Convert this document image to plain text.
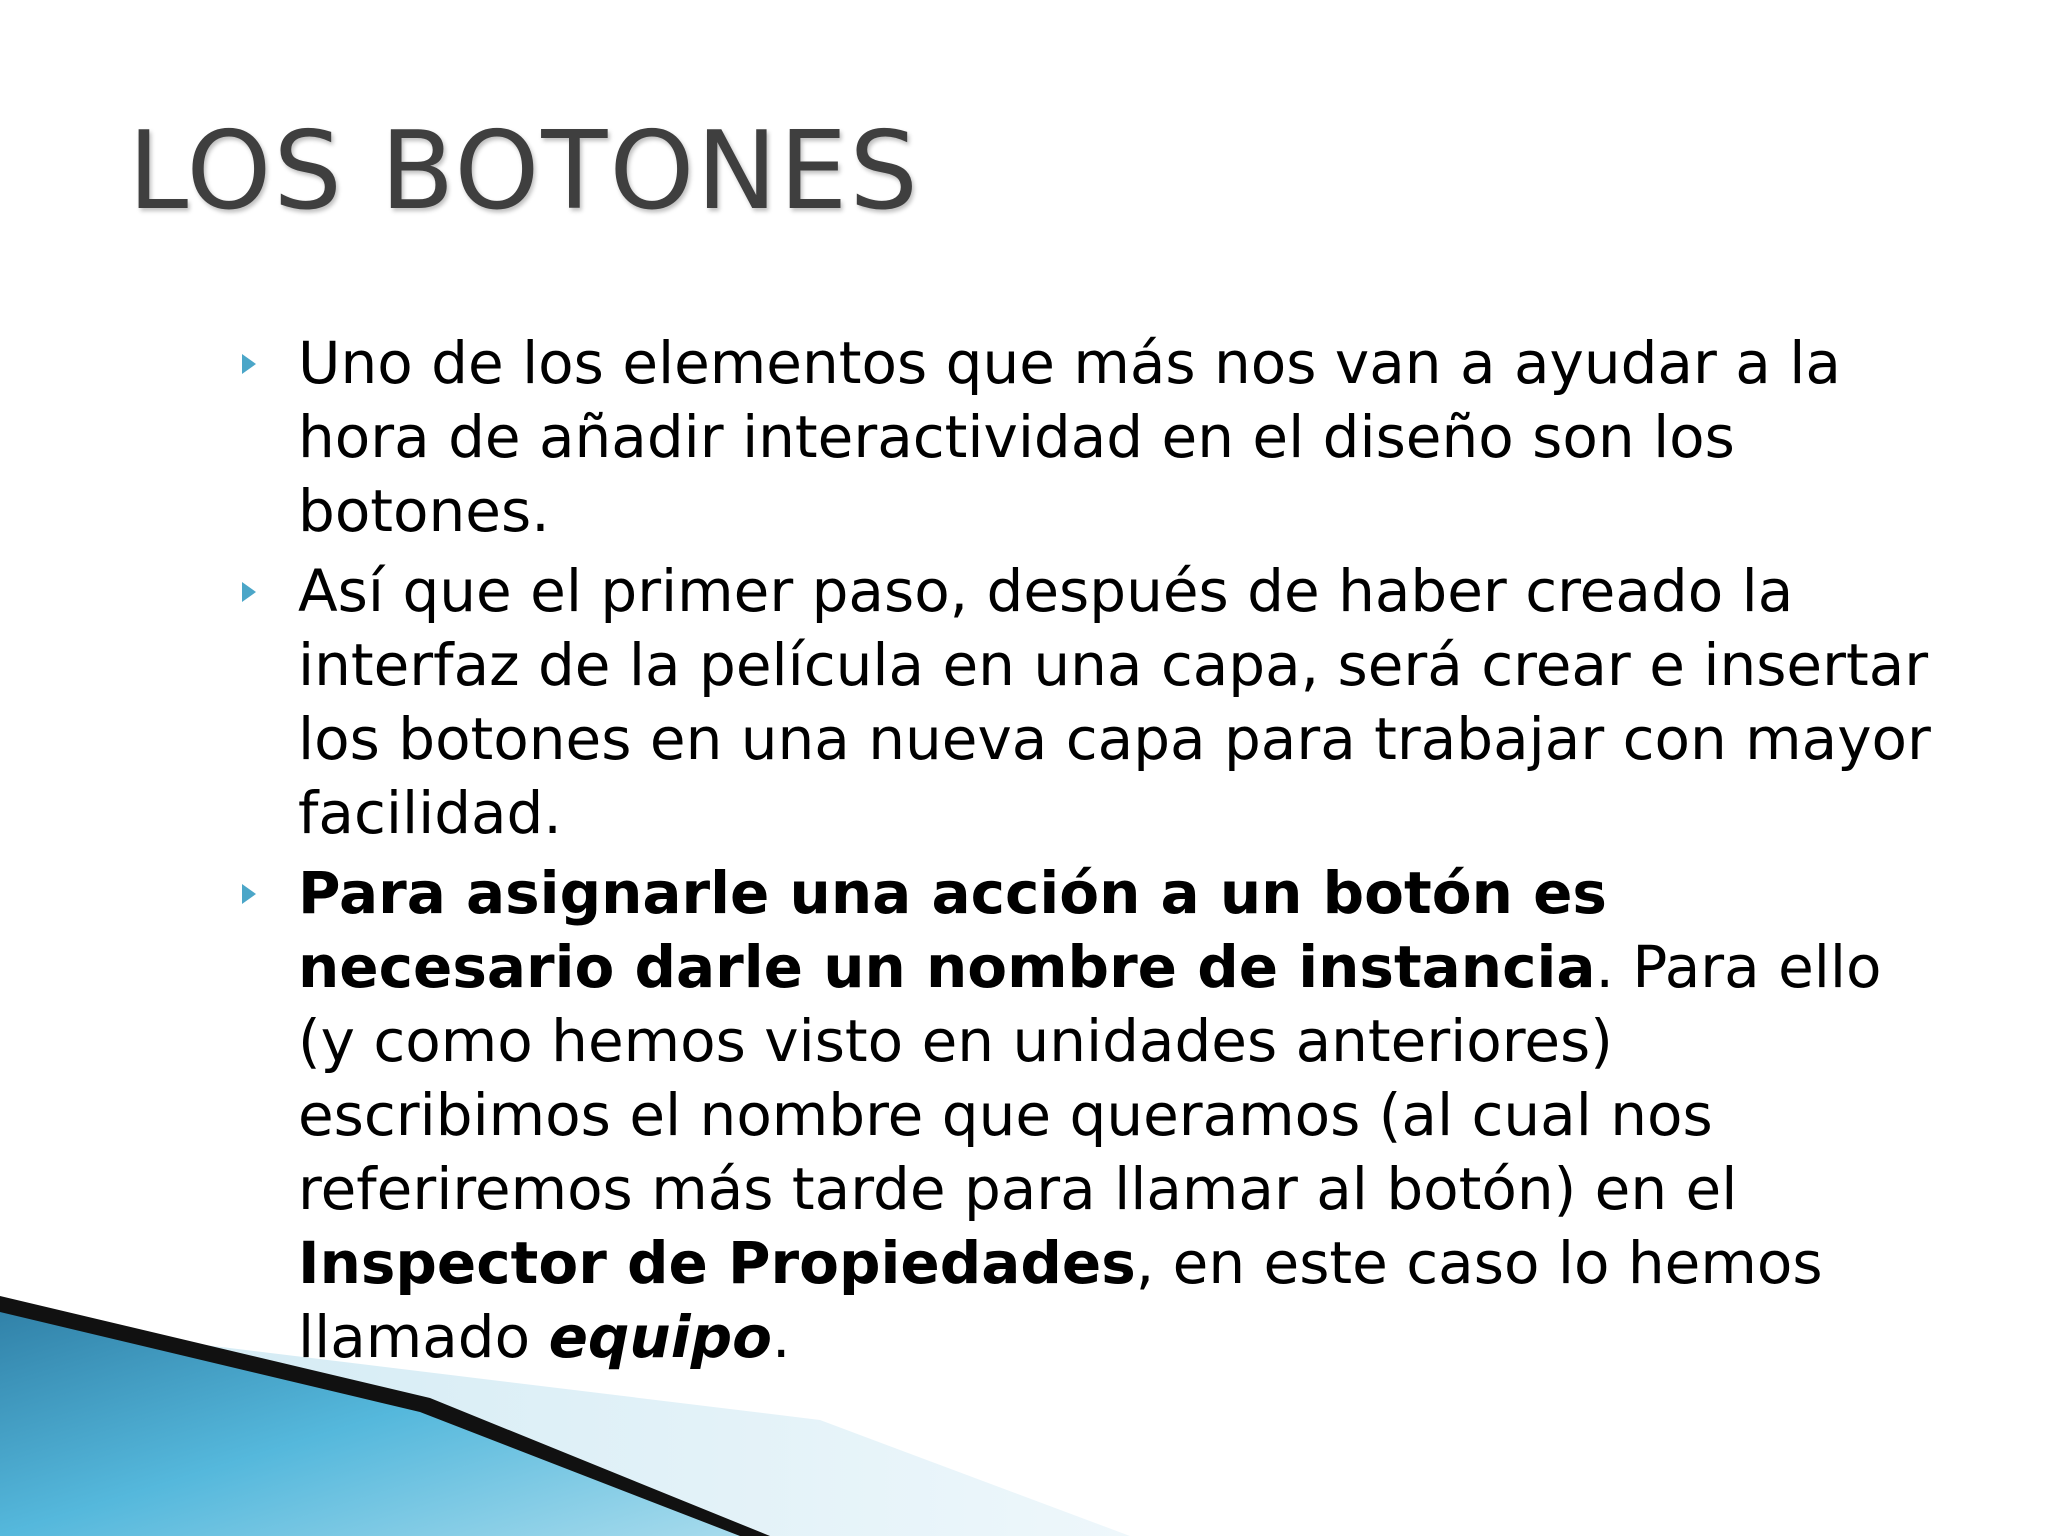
LOS BOTONES
Uno de los elementos que más nos van a ayudar a la hora de añadir interactividad en el diseño son los botones.
Así que el primer paso, después de haber creado la interfaz de la película en una capa, será crear e insertar los botones en una nueva capa para trabajar con mayor facilidad.
Para asignarle una acción a un botón es necesario darle un nombre de instancia. Para ello (y como hemos visto en unidades anteriores) escribimos el nombre que queramos (al cual nos referiremos más tarde para llamar al botón) en el Inspector de Propiedades, en este caso lo hemos llamado equipo.
